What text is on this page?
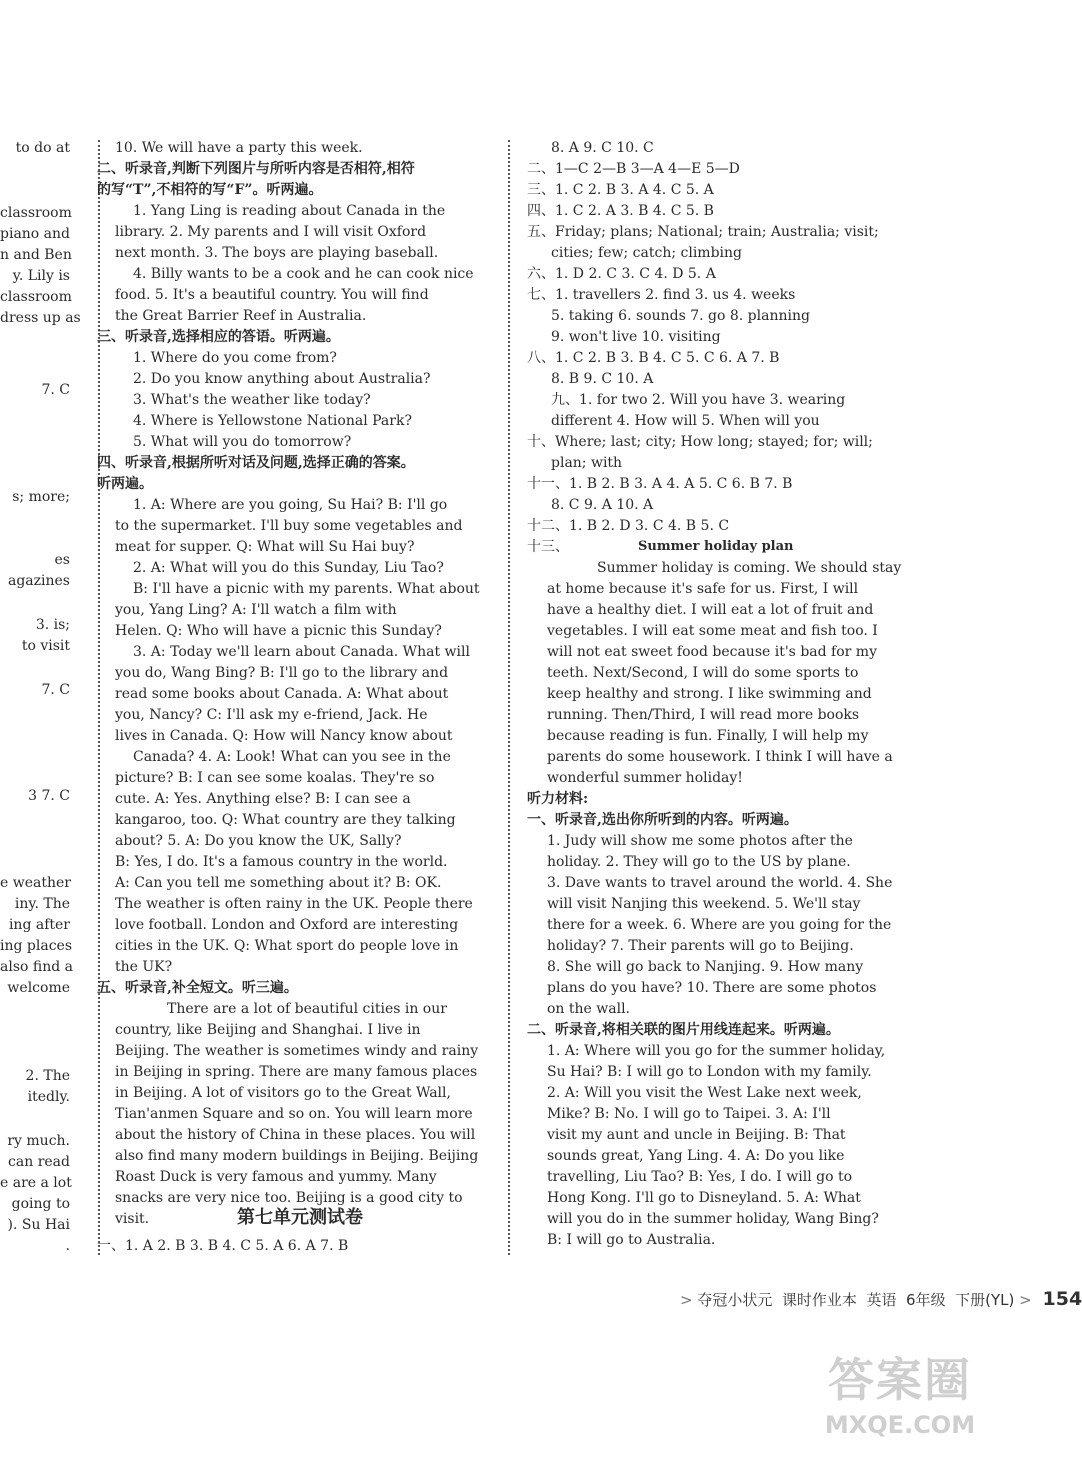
to do at
classroom
piano and
n and Ben
y. Lily is
classroom
dress up as
7. C
s; more;
es
agazines
3. is;
to visit
7. C
3 7. C
e weather
iny. The
ing after
ing places
also find a
welcome
2. The
itedly.
ry much.
can read
e are a lot
going to
). Su Hai
.
10. We will have a party this week.
二、听录音,判断下列图片与所听内容是否相符,相符
的写“T”,不相符的写“F”。听两遍。
1. Yang Ling is reading about Canada in the
library. 2. My parents and I will visit Oxford
next month. 3. The boys are playing baseball.
4. Billy wants to be a cook and he can cook nice
food. 5. It's a beautiful country. You will find
the Great Barrier Reef in Australia.
三、听录音,选择相应的答语。听两遍。
1. Where do you come from?
2. Do you know anything about Australia?
3. What's the weather like today?
4. Where is Yellowstone National Park?
5. What will you do tomorrow?
四、听录音,根据所听对话及问题,选择正确的答案。
听两遍。
1. A: Where are you going, Su Hai? B: I'll go
to the supermarket. I'll buy some vegetables and
meat for supper. Q: What will Su Hai buy?
2. A: What will you do this Sunday, Liu Tao?
B: I'll have a picnic with my parents. What about
you, Yang Ling? A: I'll watch a film with
Helen. Q: Who will have a picnic this Sunday?
3. A: Today we'll learn about Canada. What will
you do, Wang Bing? B: I'll go to the library and
read some books about Canada. A: What about
you, Nancy? C: I'll ask my e-friend, Jack. He
lives in Canada. Q: How will Nancy know about
Canada? 4. A: Look! What can you see in the
picture? B: I can see some koalas. They're so
cute. A: Yes. Anything else? B: I can see a
kangaroo, too. Q: What country are they talking
about? 5. A: Do you know the UK, Sally?
B: Yes, I do. It's a famous country in the world.
A: Can you tell me something about it? B: OK.
The weather is often rainy in the UK. People there
love football. London and Oxford are interesting
cities in the UK. Q: What sport do people love in
the UK?
五、听录音,补全短文。听三遍。
There are a lot of beautiful cities in our
country, like Beijing and Shanghai. I live in
Beijing. The weather is sometimes windy and rainy
in Beijing in spring. There are many famous places
in Beijing. A lot of visitors go to the Great Wall,
Tian'anmen Square and so on. You will learn more
about the history of China in these places. You will
also find many modern buildings in Beijing. Beijing
Roast Duck is very famous and yummy. Many
snacks are very nice too. Beijing is a good city to
visit.	第七单元测试卷
一、1. A 2. B 3. B 4. C 5. A 6. A 7. B
8. A 9. C 10. C
二、1—C 2—B 3—A 4—E 5—D
三、1. C 2. B 3. A 4. C 5. A
四、1. C 2. A 3. B 4. C 5. B
五、Friday; plans; National; train; Australia; visit;
cities; few; catch; climbing
六、1. D 2. C 3. C 4. D 5. A
七、1. travellers 2. find 3. us 4. weeks
5. taking 6. sounds 7. go 8. planning
9. won't live 10. visiting
八、1. C 2. B 3. B 4. C 5. C 6. A 7. B
8. B 9. C 10. A
九、1. for two 2. Will you have 3. wearing
different 4. How will 5. When will you
十、Where; last; city; How long; stayed; for; will;
plan; with
十一、1. B 2. B 3. A 4. A 5. C 6. B 7. B
8. C 9. A 10. A
十二、1. B 2. D 3. C 4. B 5. C
十三、
Summer holiday is coming. We should stay
at home because it's safe for us. First, I will
have a healthy diet. I will eat a lot of fruit and
vegetables. I will eat some meat and fish too. I
will not eat sweet food because it's bad for my
teeth. Next/Second, I will do some sports to
keep healthy and strong. I like swimming and
running. Then/Third, I will read more books
because reading is fun. Finally, I will help my
parents do some housework. I think I will have a
wonderful summer holiday!
听力材料:
一、听录音,选出你所听到的内容。听两遍。
1. Judy will show me some photos after the
holiday. 2. They will go to the US by plane.
3. Dave wants to travel around the world. 4. She
will visit Nanjing this weekend. 5. We'll stay
there for a week. 6. Where are you going for the
holiday? 7. Their parents will go to Beijing.
8. She will go back to Nanjing. 9. How many
plans do you have? 10. There are some photos
on the wall.
二、听录音,将相关联的图片用线连起来。听两遍。
1. A: Where will you go for the summer holiday,
Su Hai? B: I will go to London with my family.
2. A: Will you visit the West Lake next week,
Mike? B: No. I will go to Taipei. 3. A: I'll
visit my aunt and uncle in Beijing. B: That
sounds great, Yang Ling. 4. A: Do you like
travelling, Liu Tao? B: Yes, I do. I will go to
Hong Kong. I'll go to Disneyland. 5. A: What
will you do in the summer holiday, Wang Bing?
B: I will go to Australia.
Summer holiday plan
> 夺冠小状元 课时作业本 英语 6年级 下册(YL) > 154
答案圈
MXQE.COM
